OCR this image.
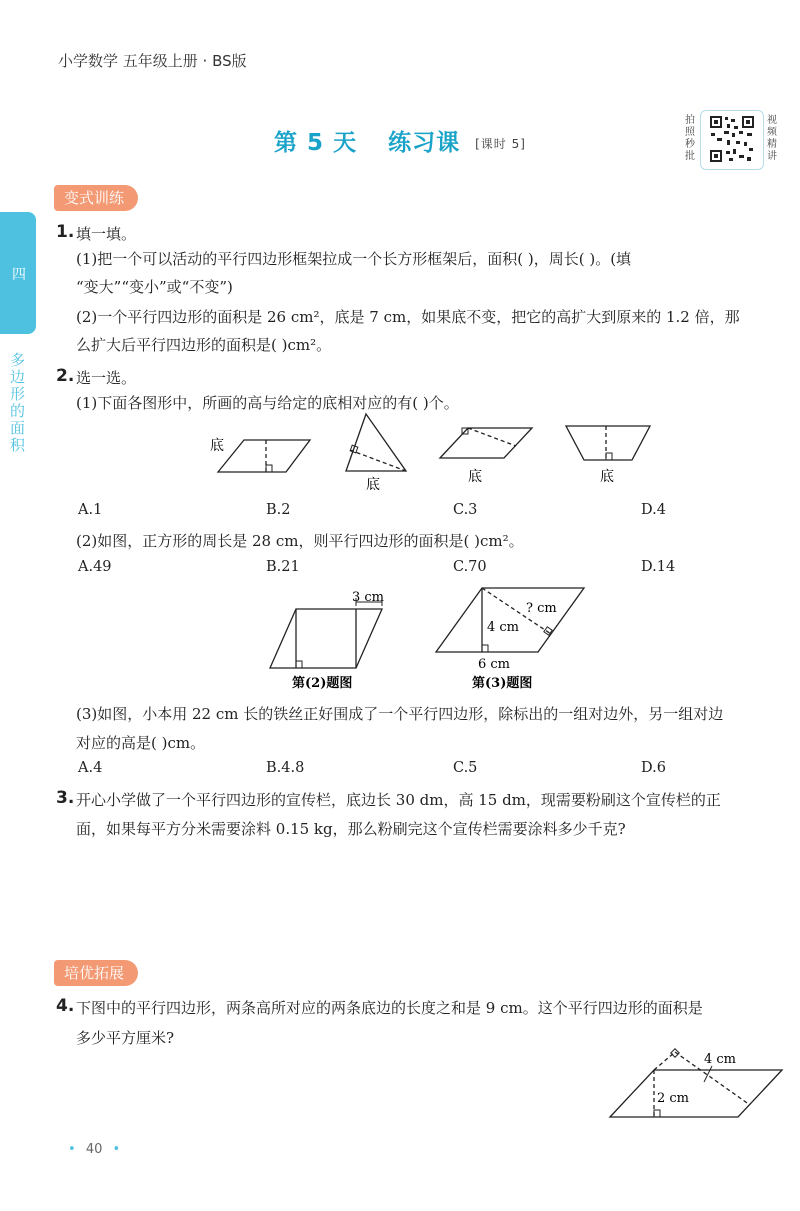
小学数学 五年级上册 · BS版
第 5 天 练习课 [课时 5]
拍照秒批
视频精讲
四
多边形的面积
变式训练
1. 填一填。
(1)把一个可以活动的平行四边形框架拉成一个长方形框架后，面积( )，周长( )。(填
“变大”“变小”或“不变”)
(2)一个平行四边形的面积是 26 cm²，底是 7 cm，如果底不变，把它的高扩大到原来的 1.2 倍，那
么扩大后平行四边形的面积是( )cm²。
2. 选一选。
(1)下面各图形中，所画的高与给定的底相对应的有( )个。
底
底	底	底
A.1	B.2	C.3	D.4
(2)如图，正方形的周长是 28 cm，则平行四边形的面积是( )cm²。
A.49	B.21	C.70	D.14
3 cm
第(2)题图
? cm
4 cm
6 cm
第(3)题图
(3)如图，小本用 22 cm 长的铁丝正好围成了一个平行四边形，除标出的一组对边外，另一组对边
对应的高是( )cm。
A.4	B.4.8	C.5	D.6
3. 开心小学做了一个平行四边形的宣传栏，底边长 30 dm，高 15 dm，现需要粉刷这个宣传栏的正
面，如果每平方分米需要涂料 0.15 kg，那么粉刷完这个宣传栏需要涂料多少千克?
培优拓展
4. 下图中的平行四边形，两条高所对应的两条底边的长度之和是 9 cm。这个平行四边形的面积是
多少平方厘米?
4 cm
2 cm
• 40 •
